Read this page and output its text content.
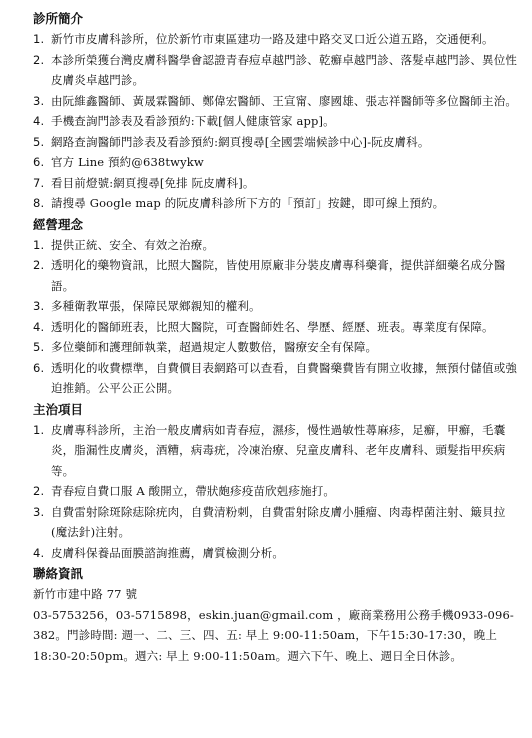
診所簡介
1. 新竹市皮膚科診所，位於新竹市東區建功一路及建中路交叉口近公道五路，交通便利。
2. 本診所榮獲台灣皮膚科醫學會認證青春痘卓越門診、乾癬卓越門診、落髮卓越門診、異位性皮膚炎卓越門診。
3. 由阮維鑫醫師、黃晟霖醫師、鄭偉宏醫師、王宣甯、廖國雄、張志祥醫師等多位醫師主治。
4. 手機查詢門診表及看診預約:下載[個人健康管家 app]。
5. 網路查詢醫師門診表及看診預約:網頁搜尋[全國雲端候診中心]-阮皮膚科。
6. 官方 Line 預約@638twykw
7. 看目前燈號:網頁搜尋[免排 阮皮膚科]。
8. 請搜尋 Google map 的阮皮膚科診所下方的「預訂」按鍵，即可線上預約。
經營理念
1. 提供正統、安全、有效之治療。
2. 透明化的藥物資訊，比照大醫院，皆使用原廠非分裝皮膚專科藥膏，提供詳細藥名成分醫語。
3. 多種衛教單張，保障民眾鄉親知的權利。
4. 透明化的醫師班表，比照大醫院，可查醫師姓名、學歷、經歷、班表。專業度有保障。
5. 多位藥師和護理師執業，超過規定人數數倍，醫療安全有保障。
6. 透明化的收費標準，自費價目表網路可以查看，自費醫藥費皆有開立收據，無預付儲值或強迫推銷。公平公正公開。
主治項目
1. 皮膚專科診所，主治一般皮膚病如青春痘，濕疹，慢性過敏性蕁麻疹，足癬，甲癬，毛囊炎，脂漏性皮膚炎，酒糟，病毒疣，冷凍治療、兒童皮膚科、老年皮膚科、頭髮指甲疾病等。
2. 青春痘自費口服 A 酸開立，帶狀皰疹疫苗欣剋疹施打。
3. 自費雷射除斑除痣除疣肉，自費清粉刺，自費雷射除皮膚小腫瘤、肉毒桿菌注射、簸貝拉(魔法針)注射。
4. 皮膚科保養品面膜諮詢推薦，膚質檢測分析。
聯絡資訊

新竹市建中路 77 號

03-5753256，03-5715898，eskin.juan@gmail.com ，廠商業務用公務手機0933-096-382。門診時間: 週一、二、三、四、五: 早上 9:00-11:50am，下午15:30-17:30，晚上 18:30-20:50pm。週六: 早上 9:00-11:50am。週六下午、晚上、週日全日休診。
